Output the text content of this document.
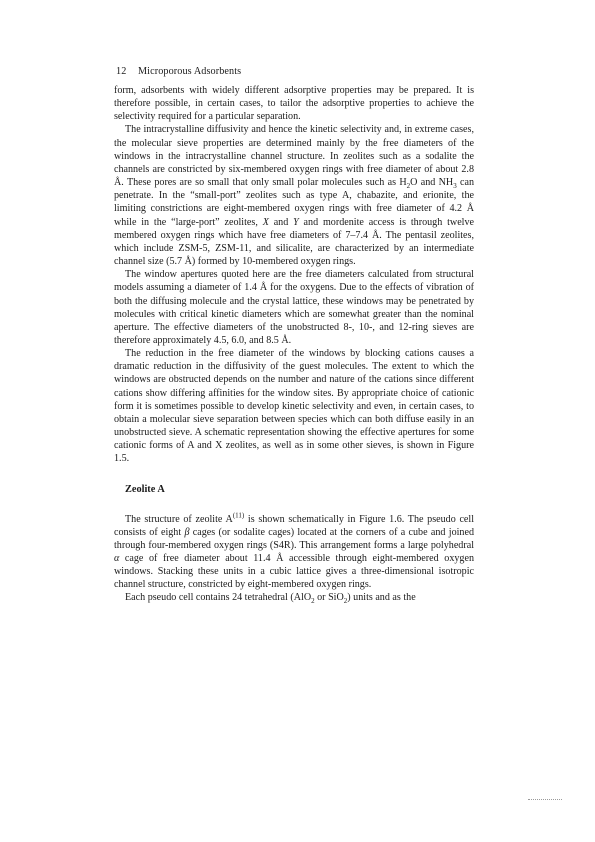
12 Microporous Adsorbents

form, adsorbents with widely different adsorptive properties may be prepared. It is therefore possible, in certain cases, to tailor the adsorptive properties to achieve the selectivity required for a particular separation.

The intracrystalline diffusivity and hence the kinetic selectivity and, in extreme cases, the molecular sieve properties are determined mainly by the free diameters of the windows in the intracrystalline channel structure. In zeolites such as a sodalite the channels are constricted by six-membered oxygen rings with free diameter of about 2.8 Å. These pores are so small that only small polar molecules such as $H_2O$ and $NH_3$ can penetrate. In the “small-port” zeolites such as type A, chabazite, and erionite, the limiting constrictions are eight-membered oxygen rings with free diameter of 4.2 Å while in the “large-port” zeolites, X and Y and mordenite access is through twelve membered oxygen rings which have free diameters of 7–7.4 Å. The pentasil zeolites, which include ZSM-5, ZSM-11, and silicalite, are characterized by an intermediate channel size (5.7 Å) formed by 10-membered oxygen rings.

The window apertures quoted here are the free diameters calculated from structural models assuming a diameter of 1.4 Å for the oxygens. Due to the effects of vibration of both the diffusing molecule and the crystal lattice, these windows may be penetrated by molecules with critical kinetic diameters which are somewhat greater than the nominal aperture. The effective diameters of the unobstructed 8-, 10-, and 12-ring sieves are therefore approximately 4.5, 6.0, and 8.5 Å.

The reduction in the free diameter of the windows by blocking cations causes a dramatic reduction in the diffusivity of the guest molecules. The extent to which the windows are obstructed depends on the number and nature of the cations since different cations show differing affinities for the window sites. By appropriate choice of cationic form it is sometimes possible to develop kinetic selectivity and even, in certain cases, to obtain a molecular sieve separation between species which can both diffuse easily in an unobstructed sieve. A schematic representation showing the effective apertures for some cationic forms of A and X zeolites, as well as in some other sieves, is shown in Figure 1.5.

Zeolite A

The structure of zeolite $A^{(11)}$ is shown schematically in Figure 1.6. The pseudo cell consists of eight β cages (or sodalite cages) located at the corners of a cube and joined through four-membered oxygen rings (S4R). This arrangement forms a large polyhedral α cage of free diameter about 11.4 Å accessible through eight-membered oxygen windows. Stacking these units in a cubic lattice gives a three-dimensional isotropic channel structure, constricted by eight-membered oxygen rings.

Each pseudo cell contains 24 tetrahedral (AlO$_2$ or SiO$_2$) units and as the
